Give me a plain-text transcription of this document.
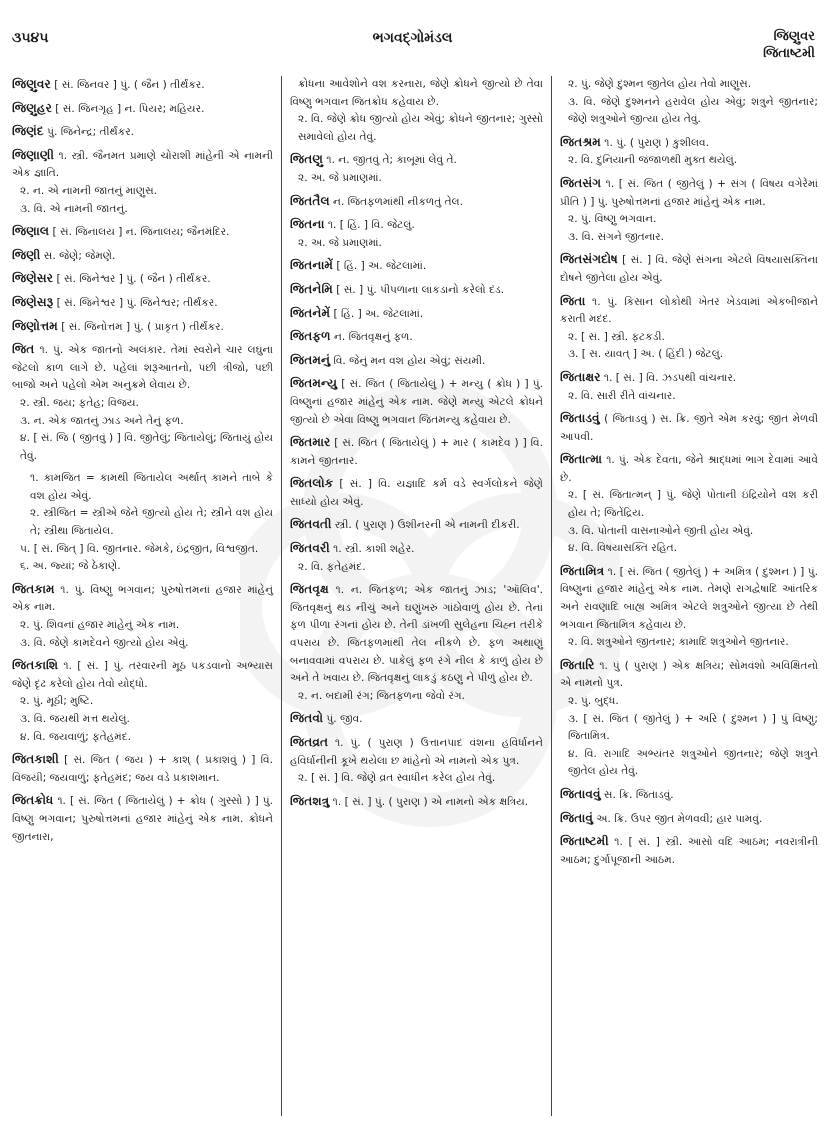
૩૫૪૫	ભગવદ્ગોમંડલ	જિણુવર
જિતાષ્ટમી
જિણુવર [ સં. જિનવર ] પું. ( જૈન ) તીર્થંકર.
જિણુહર [ સં. જિનગૃહ ] ન. પિયર; મહિયર.
જિણંદ પું. જિનેન્દ્ર; તીર્થંકર.
જિણાણી ૧. સ્ત્રી. જૈનમત પ્રમાણે ચોરાશી માંહેની એ નામની એક જ્ઞાતિ.
૨. ન. એ નામની જાતનું માણુસ.
૩. વિ. એ નામની જાતનું.
જિણાલ [ સં. જિનાલય ] ન. જિનાલય; જૈનમંદિર.
જિણી સ. જેણે; જેમણે.
જિણેસર [ સં. જિનેશ્વર ] પું. ( જૈન ) તીર્થંકર.
જિણેસરૂ [ સં. જિનેશ્વર ] પું. જિનેશ્વર; તીર્થંકર.
જિણોત્તમ [ સં. જિનોત્તમ ] પું. ( પ્રાકૃત ) તીર્થંકર.
જિત ૧. પું. એક જાતનો અલંકાર. તેમાં સ્વરોને ચાર લઘુના જેટલો કાળ લાગે છે. પહેલાં શરૂઆતનો, પછી ત્રીજો, પછી બાજો અને પહેલો એમ અનુક્રમે લેવાય છે.
૨. સ્ત્રી. જય; ફતેહ; વિજય.
૩. ન. એક જાતનું ઝાડ અને તેનું ફળ.
૪. [ સં. જિ ( જીતવું ) ] વિ. જીતેલું; જિતાયેલું; જિતાયું હોય તેવું.
૧. કામજિત = કામથી જિતાયેલ અર્થાત્ કામને તાબે કે વશ હોય એવું.
૨. સ્ત્રીજિત = સ્ત્રીએ જેને જીત્યો હોય તે; સ્ત્રીને વશ હોય તે; સ્ત્રીથા જિતાયેલ.
૫. [ સં. જિત્ ] વિ. જીતનાર. જેમકે, ઇંદ્રજીત, વિશ્વજીત.
૬. અ. જ્યાં; જે ઠેકાણે.
જિતકામ ૧. પું. વિષ્ણુ ભગવાન; પુરુષોત્તમનાં હજાર માંહેનું એક નામ.
૨. પું. શિવનાં હજાર માંહેનું એક નામ.
૩. વિ. જેણે કામદેવને જીત્યો હોય એવું.
જિતકાશિ ૧. [ સં. ] પું. તરવારની મૂઠ પકડવાનો અભ્યાસ જેણે દૃઢ કરેલો હોય તેવો યોદ્ધો.
૨. પું. મૂઠી; મુષ્ટિ.
૩. વિ. જયથી મત્ત થયેલું.
૪. વિ. જયવાળું; ફતેહમંદ.
જિતકાશી [ સં. જિત ( જય ) + કાશ્ ( પ્રકાશવું ) ] વિ. વિજયી; જયવાળું; ફતેહમંદ; જય વડે પ્રકાશમાન.
જિતક્રોધ ૧. [ સં. જિત ( જિતાયેલું ) + ક્રોધ ( ગુસ્સો ) ] પું. વિષ્ણુ ભગવાન; પુરુષોત્તમનાં હજાર માંહેનું એક નામ. ક્રોધને જીતનારા,
ક્રોધના આવેશોને વશ કરનારા, જેણે ક્રોધને જીત્યો છે તેવા વિષ્ણુ ભગવાન જિતક્રોધ કહેવાય છે.
૨. વિ. જેણે ક્રોધ જીત્યો હોય એવું; ક્રોધને જીતનાર; ગુસ્સો સમાવેલો હોય તેવું.
જિતણુ ૧. ન. જીતવું તે; કાબૂમાં લેવું તે.
૨. અ. જે પ્રમાણમાં.
જિતતૈલ ન. જિતફળમાંથી નીકળતું તેલ.
જિતના ૧. [ હિં. ] વિ. જેટલું.
૨. અ. જે પ્રમાણમાં.
જિતનામેં [ હિં. ] અ. જેટલામાં.
જિતનેમિ [ સં. ] પું. પીપળાના લાકડાનો કરેલો દંડ.
જિતનેમેં [ હિં. ] અ. જેટલામાં.
જિતફળ ન. જિતવૃક્ષનું ફળ.
જિતમનું વિ. જેનું મન વશ હોય એવું; સંયમી.
જિતમન્યુ [ સં. જિત ( જિતાયેલું ) + મન્યુ ( ક્રોધ ) ] પું. વિષ્ણુનાં હજાર માંહેનું એક નામ. જેણે મન્યુ એટલે ક્રોધને જીત્યો છે એવા વિષ્ણુ ભગવાન જિતમન્યુ કહેવાય છે.
જિતમાર [ સં. જિત ( જિતાયેલું ) + માર ( કામદેવ ) ] વિ. કામને જીતનાર.
જિતલોક [ સં. ] વિ. યજ્ઞાદિ કર્મ વડે સ્વર્ગલોકને જેણે સાધ્યો હોય એવું.
જિતવતી સ્ત્રી. ( પુરાણ ) ઉશીનરની એ નામની દીકરી.
જિતવરી ૧. સ્ત્રી. કાશી શહેર.
૨. વિ. ફતેહમંદ.
જિતવૃક્ષ ૧. ન. જિતફળ; એક જાતનું ઝાડ; 'ઑલિવ'. જિતવૃક્ષનું થડ નીચું અને ઘણુંખરું ગાંઠોવાળું હોય છે. તેનાં ફળ પીળા રંગનાં હોય છે. તેની ડાંખળી સુલેહના ચિહ્ન તરીકે વપરાય છે. જિતફળમાંથી તેલ નીકળે છે. ફળ અથાણું બનાવવામાં વપરાય છે. પાકેલું ફળ રંગે નીલ કે કાળું હોય છે અને તે ખવાય છે. જિતવૃક્ષનું લાકડું કઠણુ ને પીળું હોય છે.
૨. ન. બદામી રંગ; જિતફળના જેવો રંગ.
જિતવો પું. જીવ.
જિતવ્રત ૧. પું. ( પુરાણ ) ઉત્તાનપાદ વંશના હવિર્ધાનને હવિર્ધાનીની કૂખે થયેલા છ માંહેનો એ નામનો એક પુત્ર.
૨. [ સં. ] વિ. જેણે વ્રત સ્વાધીન કરેલ હોય તેવું.
જિતશત્રુ ૧. [ સં. ] પું. ( પુરાણ ) એ નામનો એક ક્ષત્રિય.
૨. પું. જેણે દુશ્મન જીતેલ હોય તેવો માણુસ.
૩. વિ. જેણે દુશ્મનને હરાવેલ હોય એવું; શત્રુને જીતનાર; જેણે શત્રુઓને જીત્યા હોય તેવું.
જિતશ્રમ ૧. પું. ( પુરાણ ) કુશીલવ.
૨. વિ. દુનિયાની જંજાળથી મુક્ત થયેલું.
જિતસંગ ૧. [ સં. જિત ( જીતેલું ) + સંગ ( વિષય વગેરેમાં પ્રીતિ ) ] પું. પુરુષોત્તમનાં હજાર માંહેનું એક નામ.
૨. પું. વિષ્ણુ ભગવાન.
૩. વિ. સંગને જીતનાર.
જિતસંગદોષ [ સં. ] વિ. જેણે સંગના એટલે વિષયાસક્તિના દોષને જીતેલા હોય એવું.
જિતા ૧. પું. કિસાન લોકોથી ખેતર ખેડવામાં એકબીજાને કરાતી મદદ.
૨. [ સં. ] સ્ત્રી. ફટકડી.
૩. [ સ. યાવત્ ] અ. ( હિંદી ) જેટલું.
જિતાક્ષર ૧. [ સં. ] વિ. ઝડપથી વાંચનાર.
૨. વિ. સારી રીતે વાંચનાર.
જિતાડવું ( જિતાડવું ) સ. ક્રિ. જીતે એમ કરવું; જીત મેળવી આપવી.
જિતાત્મા ૧. પું. એક દેવતા, જેને શ્રાદ્ધમાં ભાગ દેવામાં આવે છે.
૨. [ સં. જિતાત્મન્ ] પું. જેણે પોતાની ઇંદ્રિયોને વશ કરી હોય તે; જિતેંદ્રિય.
૩. વિ. પોતાની વાસનાઓને જીતી હોય એવું.
૪. વિ. વિષયાસક્તિ રહિત.
જિતામિત્ર ૧. [ સં. જિત ( જીતેલું ) + અમિત્ર ( દુશ્મન ) ] પું. વિષ્ણુનાં હજાર માંહેનું એક નામ. તેમણે રાગદ્વેષાદિ આંતરિક અને રાવણાદિ બાહ્ય અમિત્ર એટલે શત્રુઓને જીત્યા છે તેથી ભગવાન જિતામિત્ર કહેવાય છે.
૨. વિ. શત્રુઓને જીતનાર; કામાદિ શત્રુઓને જીતનાર.
જિતારિ ૧. પું ( પુરાણ ) એક ક્ષત્રિય; સોમવંશો અવિક્ષિતનો એ નામનો પુત્ર.
૨. પું. બુદ્ધ.
૩. [ સં. જિત ( જીતેલું ) + અરિ ( દુશ્મન ) ] પું વિષ્ણુ; જિતામિત્ર.
૪. વિ. રાગાદિ અભ્યંતર શત્રુઓને જીતનાર; જેણે શત્રુને જીતેલ હોય તેવું.
જિતાવવું સ. ક્રિ. જિતાડવું.
જિતાવું અ. ક્રિ. ઉપર જીત મેળવવી; હાર પામવું.
જિતાષ્ટમી ૧. [ સં. ] સ્ત્રી. આસો વદિ આઠમ; નવરાત્રીની આઠમ; દુર્ગાપૂજાની આઠમ.
